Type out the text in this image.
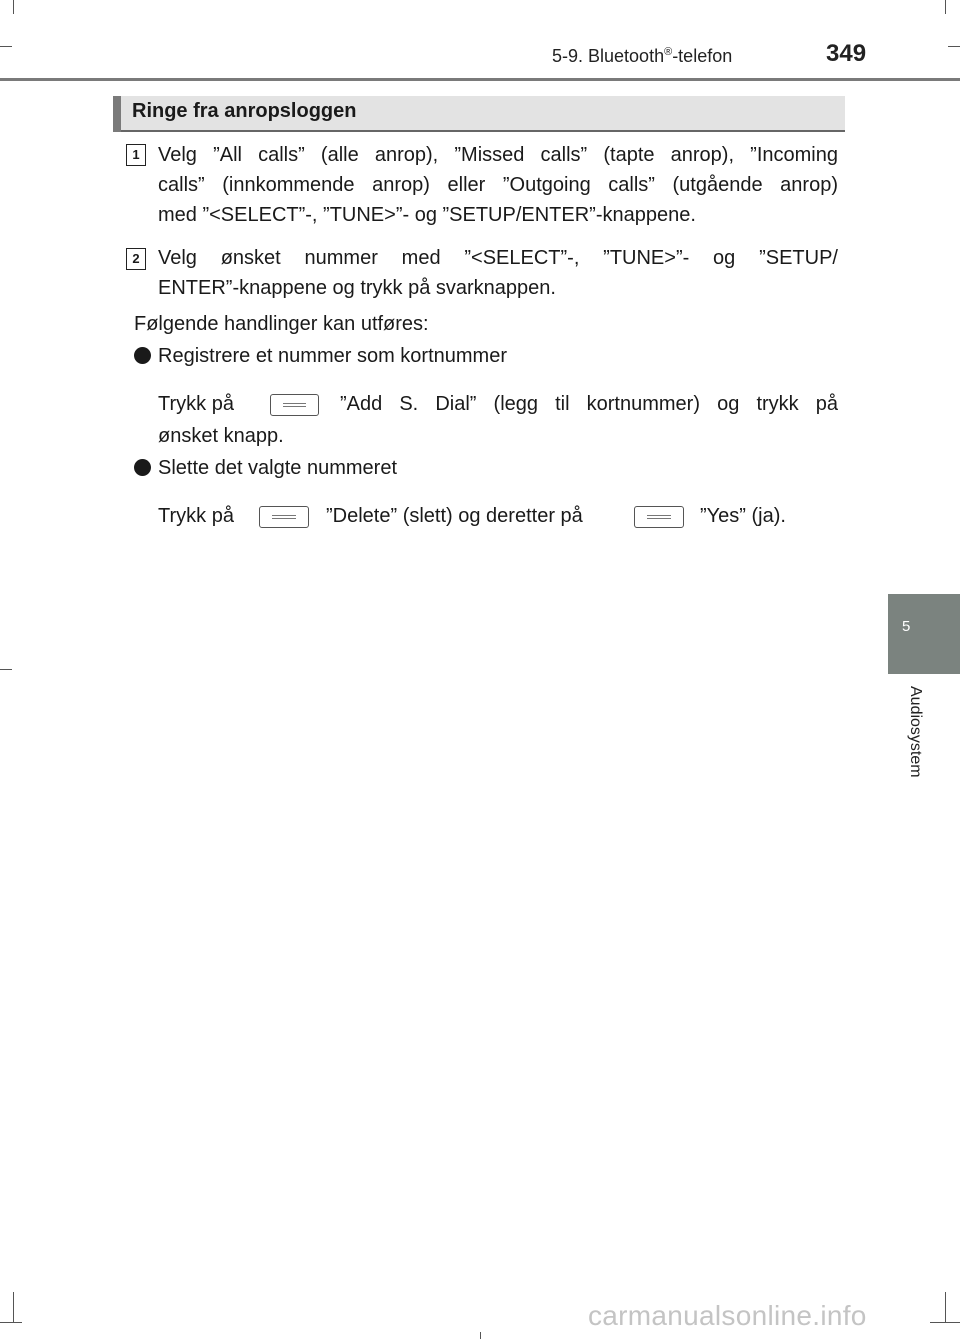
5-9. Bluetooth®-telefon	349
Ringe fra anropsloggen
1 Velg ”All calls” (alle anrop), ”Missed calls” (tapte anrop), ”Incoming
calls” (innkommende anrop) eller ”Outgoing calls” (utgående anrop)
med ”<SELECT”-, ”TUNE>”- og ”SETUP/ENTER”-knappene.
2 Velg ønsket nummer med ”<SELECT”-, ”TUNE>”- og ”SETUP/
ENTER”-knappene og trykk på svarknappen.
Følgende handlinger kan utføres:
Registrere et nummer som kortnummer
Trykk på	”Add S. Dial” (legg til kortnummer) og trykk på
ønsket knapp.
Slette det valgte nummeret
Trykk på	”Delete” (slett) og deretter på	”Yes” (ja).
5
Audiosystem
carmanualsonline.info
